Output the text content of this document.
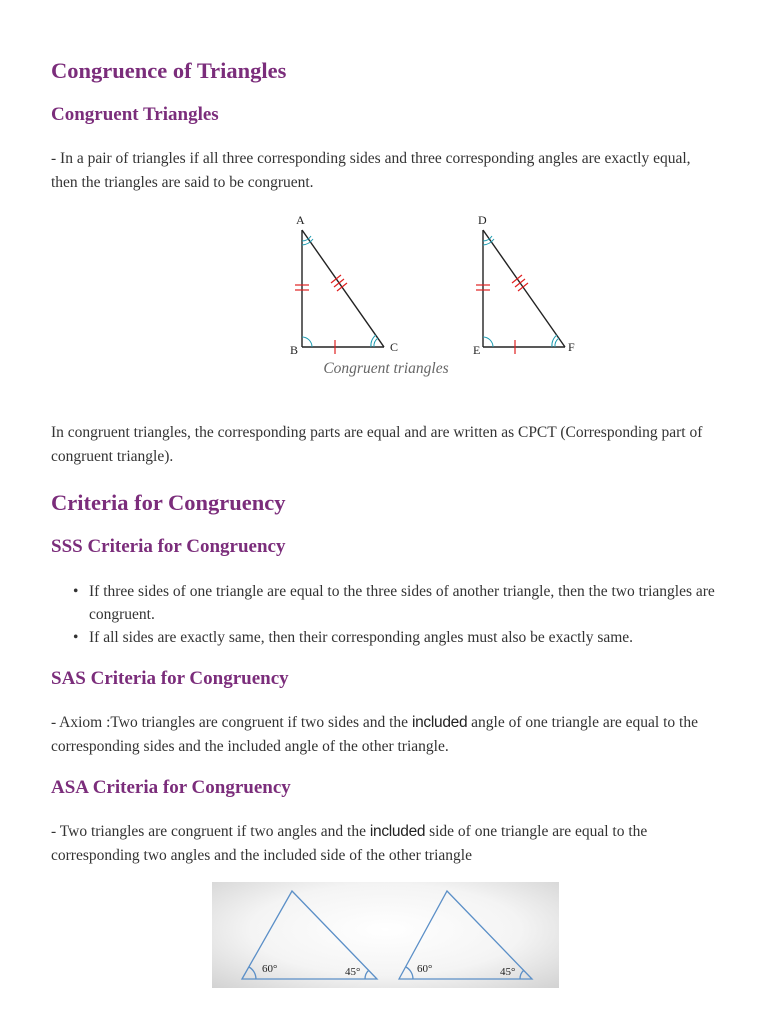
Congruence of Triangles
Congruent Triangles

- In a pair of triangles if all three corresponding sides and three corresponding angles are exactly equal, then the triangles are said to be congruent.

A
B	C
D
E	F
Congruent triangles

In congruent triangles, the corresponding parts are equal and are written as CPCT (Corresponding part of congruent triangle).

Criteria for Congruency
SSS Criteria for Congruency
• If three sides of one triangle are equal to the three sides of another triangle, then the two triangles are congruent.
• If all sides are exactly same, then their corresponding angles must also be exactly same.
SAS Criteria for Congruency

- Axiom :Two triangles are congruent if two sides and the included angle of one triangle are equal to the corresponding sides and the included angle of the other triangle.

ASA Criteria for Congruency

- Two triangles are congruent if two angles and the included side of one triangle are equal to the corresponding two angles and the included side of the other triangle

60°	45°	60°	45°
